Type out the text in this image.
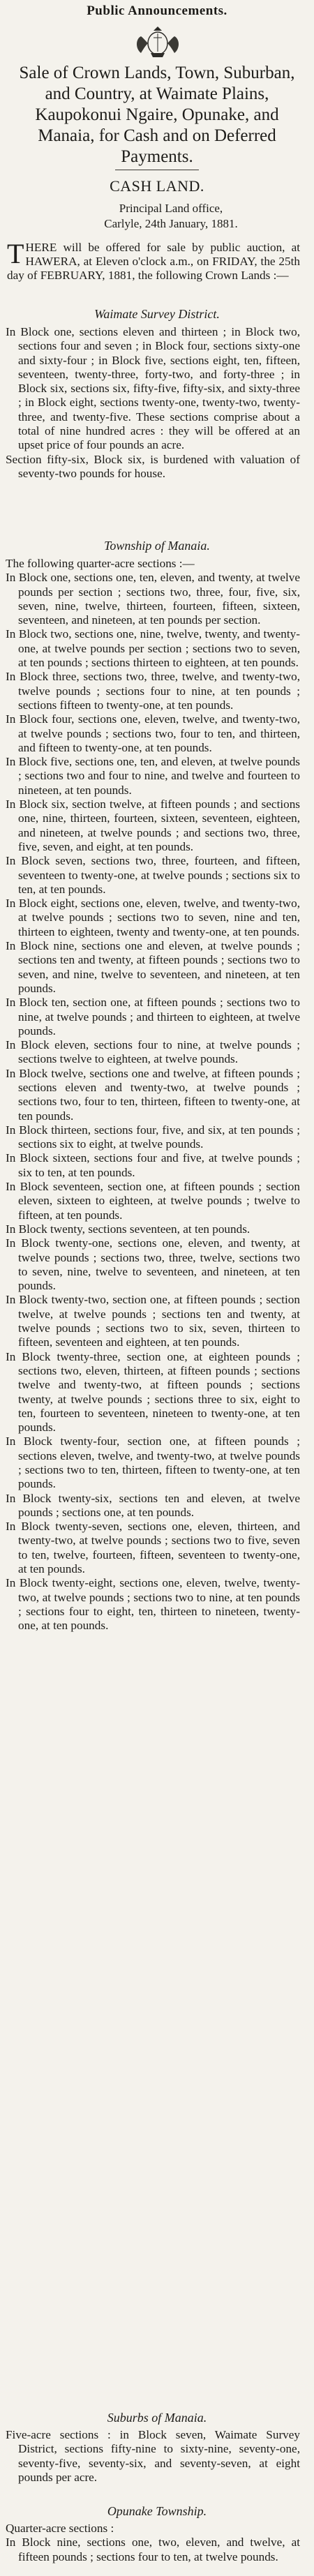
Public Announcements.
Sale of Crown Lands, Town, Suburban, and Country, at Waimate Plains, Kaupokonui Ngaire, Opunake, and Manaia, for Cash and on Deferred Payments.
CASH LAND.
Principal Land office,
Carlyle, 24th January, 1881.
THERE will be offered for sale by public auction, at HAWERA, at Eleven o'clock a.m., on FRIDAY, the 25th day of FEBRUARY, 1881, the following Crown Lands :—
Waimate Survey District.

In Block one, sections eleven and thirteen ; in Block two, sections four and seven ; in Block four, sections sixty-one and sixty-four ; in Block five, sections eight, ten, fifteen, seventeen, twenty-three, forty-two, and forty-three ; in Block six, sections six, fifty-five, fifty-six, and sixty-three ; in Block eight, sections twenty-one, twenty-two, twenty-three, and twenty-five. These sections comprise about a total of nine hundred acres : they will be offered at an upset price of four pounds an acre.

Section fifty-six, Block six, is burdened with valuation of seventy-two pounds for house.

Township of Manaia.

The following quarter-acre sections :—

In Block one, sections one, ten, eleven, and twenty, at twelve pounds per section ; sections two, three, four, five, six, seven, nine, twelve, thirteen, fourteen, fifteen, sixteen, seventeen, and nineteen, at ten pounds per section.

In Block two, sections one, nine, twelve, twenty, and twenty-one, at twelve pounds per section ; sections two to seven, at ten pounds ; sections thirteen to eighteen, at ten pounds.

In Block three, sections two, three, twelve, and twenty-two, twelve pounds ; sections four to nine, at ten pounds ; sections fifteen to twenty-one, at ten pounds.

In Block four, sections one, eleven, twelve, and twenty-two, at twelve pounds ; sections two, four to ten, and thirteen, and fifteen to twenty-one, at ten pounds.

In Block five, sections one, ten, and eleven, at twelve pounds ; sections two and four to nine, and twelve and fourteen to nineteen, at ten pounds.

In Block six, section twelve, at fifteen pounds ; and sections one, nine, thirteen, fourteen, sixteen, seventeen, eighteen, and nineteen, at twelve pounds ; and sections two, three, five, seven, and eight, at ten pounds.

In Block seven, sections two, three, fourteen, and fifteen, seventeen to twenty-one, at twelve pounds ; sections six to ten, at ten pounds.

In Block eight, sections one, eleven, twelve, and twenty-two, at twelve pounds ; sections two to seven, nine and ten, thirteen to eighteen, twenty and twenty-one, at ten pounds.

In Block nine, sections one and eleven, at twelve pounds ; sections ten and twenty, at fifteen pounds ; sections two to seven, and nine, twelve to seventeen, and nineteen, at ten pounds.

In Block ten, section one, at fifteen pounds ; sections two to nine, at twelve pounds ; and thirteen to eighteen, at twelve pounds.

In Block eleven, sections four to nine, at twelve pounds ; sections twelve to eighteen, at twelve pounds.

In Block twelve, sections one and twelve, at fifteen pounds ; sections eleven and twenty-two, at twelve pounds ; sections two, four to ten, thirteen, fifteen to twenty-one, at ten pounds.

In Block thirteen, sections four, five, and six, at ten pounds ; sections six to eight, at twelve pounds.

In Block sixteen, sections four and five, at twelve pounds ; six to ten, at ten pounds.

In Block seventeen, section one, at fifteen pounds ; section eleven, sixteen to eighteen, at twelve pounds ; twelve to fifteen, at ten pounds.

In Block twenty, sections seventeen, at ten pounds.

In Block twenty-one, sections one, eleven, and twenty, at twelve pounds ; sections two, three, twelve, sections two to seven, nine, twelve to seventeen, and nineteen, at ten pounds.

In Block twenty-two, section one, at fifteen pounds ; section twelve, at twelve pounds ; sections ten and twenty, at twelve pounds ; sections two to six, seven, thirteen to fifteen, seventeen and eighteen, at ten pounds.

In Block twenty-three, section one, at eighteen pounds ; sections two, eleven, thirteen, at fifteen pounds ; sections twelve and twenty-two, at fifteen pounds ; sections twenty, at twelve pounds ; sections three to six, eight to ten, fourteen to seventeen, nineteen to twenty-one, at ten pounds.

In Block twenty-four, section one, at fifteen pounds ; sections eleven, twelve, and twenty-two, at twelve pounds ; sections two to ten, thirteen, fifteen to twenty-one, at ten pounds.

In Block twenty-six, sections ten and eleven, at twelve pounds ; sections one, at ten pounds.

In Block twenty-seven, sections one, eleven, thirteen, and twenty-two, at twelve pounds ; sections two to five, seven to ten, twelve, fourteen, fifteen, seventeen to twenty-one, at ten pounds.

In Block twenty-eight, sections one, eleven, twelve, twenty-two, at twelve pounds ; sections two to nine, at ten pounds ; sections four to eight, ten, thirteen to nineteen, twenty-one, at ten pounds.

Suburbs of Manaia.

Five-acre sections : in Block seven, Waimate Survey District, sections fifty-nine to sixty-nine, seventy-one, seventy-five, seventy-six, and seventy-seven, at eight pounds per acre.

Opunake Township.

Quarter-acre sections :

In Block nine, sections one, two, eleven, and twelve, at fifteen pounds ; sections four to ten, at twelve pounds.
